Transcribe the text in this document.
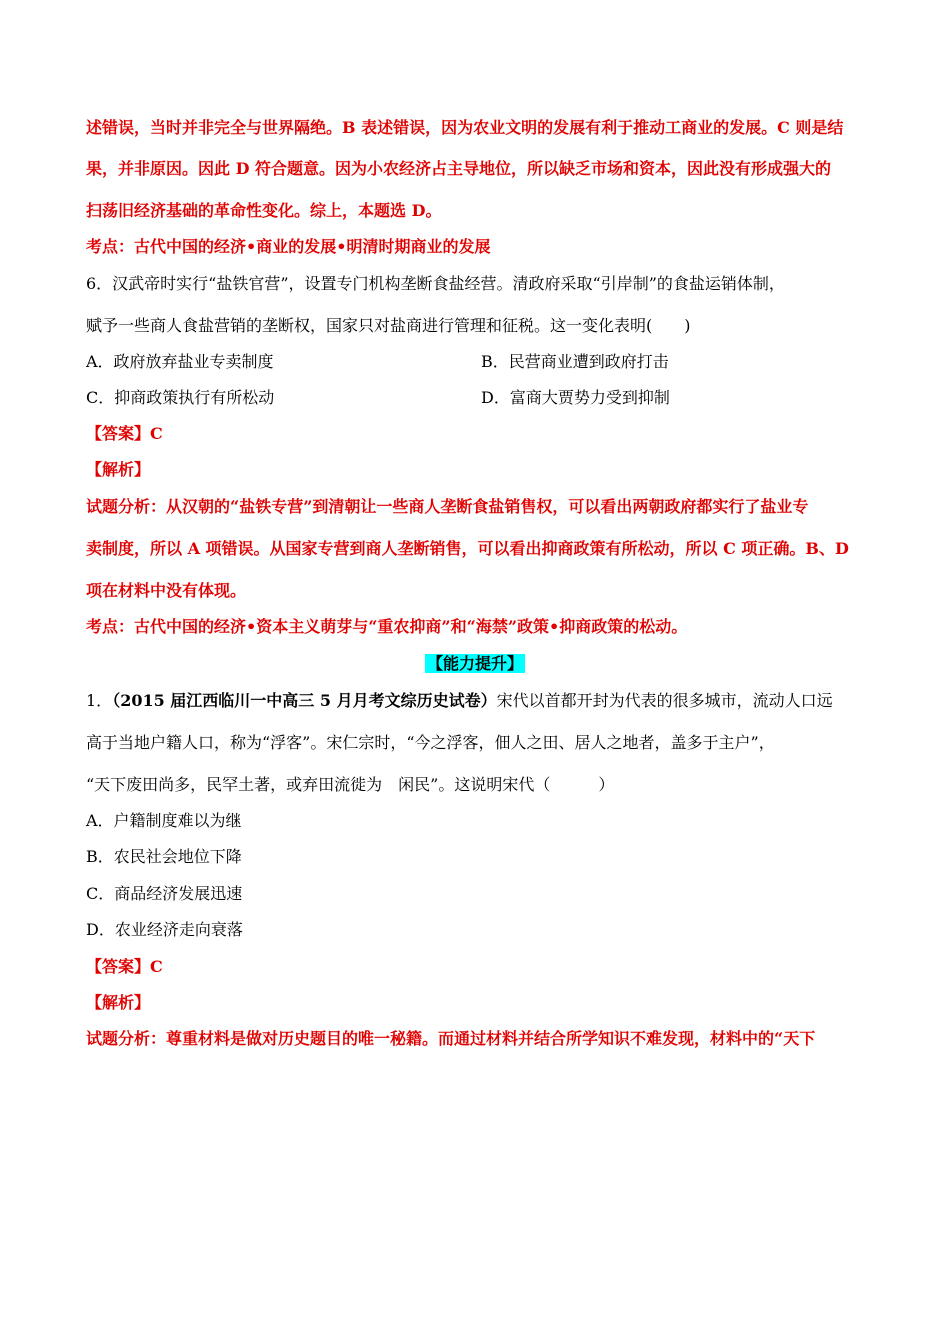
述错误，当时并非完全与世界隔绝。B 表述错误，因为农业文明的发展有利于推动工商业的发展。C 则是结
果，并非原因。因此 D 符合题意。因为小农经济占主导地位，所以缺乏市场和资本，因此没有形成强大的
扫荡旧经济基础的革命性变化。综上，本题选 D。
考点：古代中国的经济•商业的发展•明清时期商业的发展
6．汉武帝时实行“盐铁官营”，设置专门机构垄断食盐经营。清政府采取“引岸制”的食盐运销体制，
赋予一些商人食盐营销的垄断权，国家只对盐商进行管理和征税。这一变化表明(　　)
A．政府放弃盐业专卖制度	B．民营商业遭到政府打击
C．抑商政策执行有所松动	D．富商大贾势力受到抑制
【答案】C
【解析】
试题分析：从汉朝的“盐铁专营”到清朝让一些商人垄断食盐销售权，可以看出两朝政府都实行了盐业专
卖制度，所以 A 项错误。从国家专营到商人垄断销售，可以看出抑商政策有所松动，所以 C 项正确。B、D
项在材料中没有体现。
考点：古代中国的经济•资本主义萌芽与“重农抑商”和“海禁”政策•抑商政策的松动。
【能力提升】
1．（2015 届江西临川一中高三 5 月月考文综历史试卷）宋代以首都开封为代表的很多城市，流动人口远
高于当地户籍人口，称为“浮客”。宋仁宗时，“今之浮客，佃人之田、居人之地者，盖多于主户”，
“天下废田尚多，民罕土著，或弃田流徙为　闲民”。这说明宋代（　　　）
A．户籍制度难以为继
B．农民社会地位下降
C．商品经济发展迅速
D．农业经济走向衰落
【答案】C
【解析】
试题分析：尊重材料是做对历史题目的唯一秘籍。而通过材料并结合所学知识不难发现，材料中的“天下
